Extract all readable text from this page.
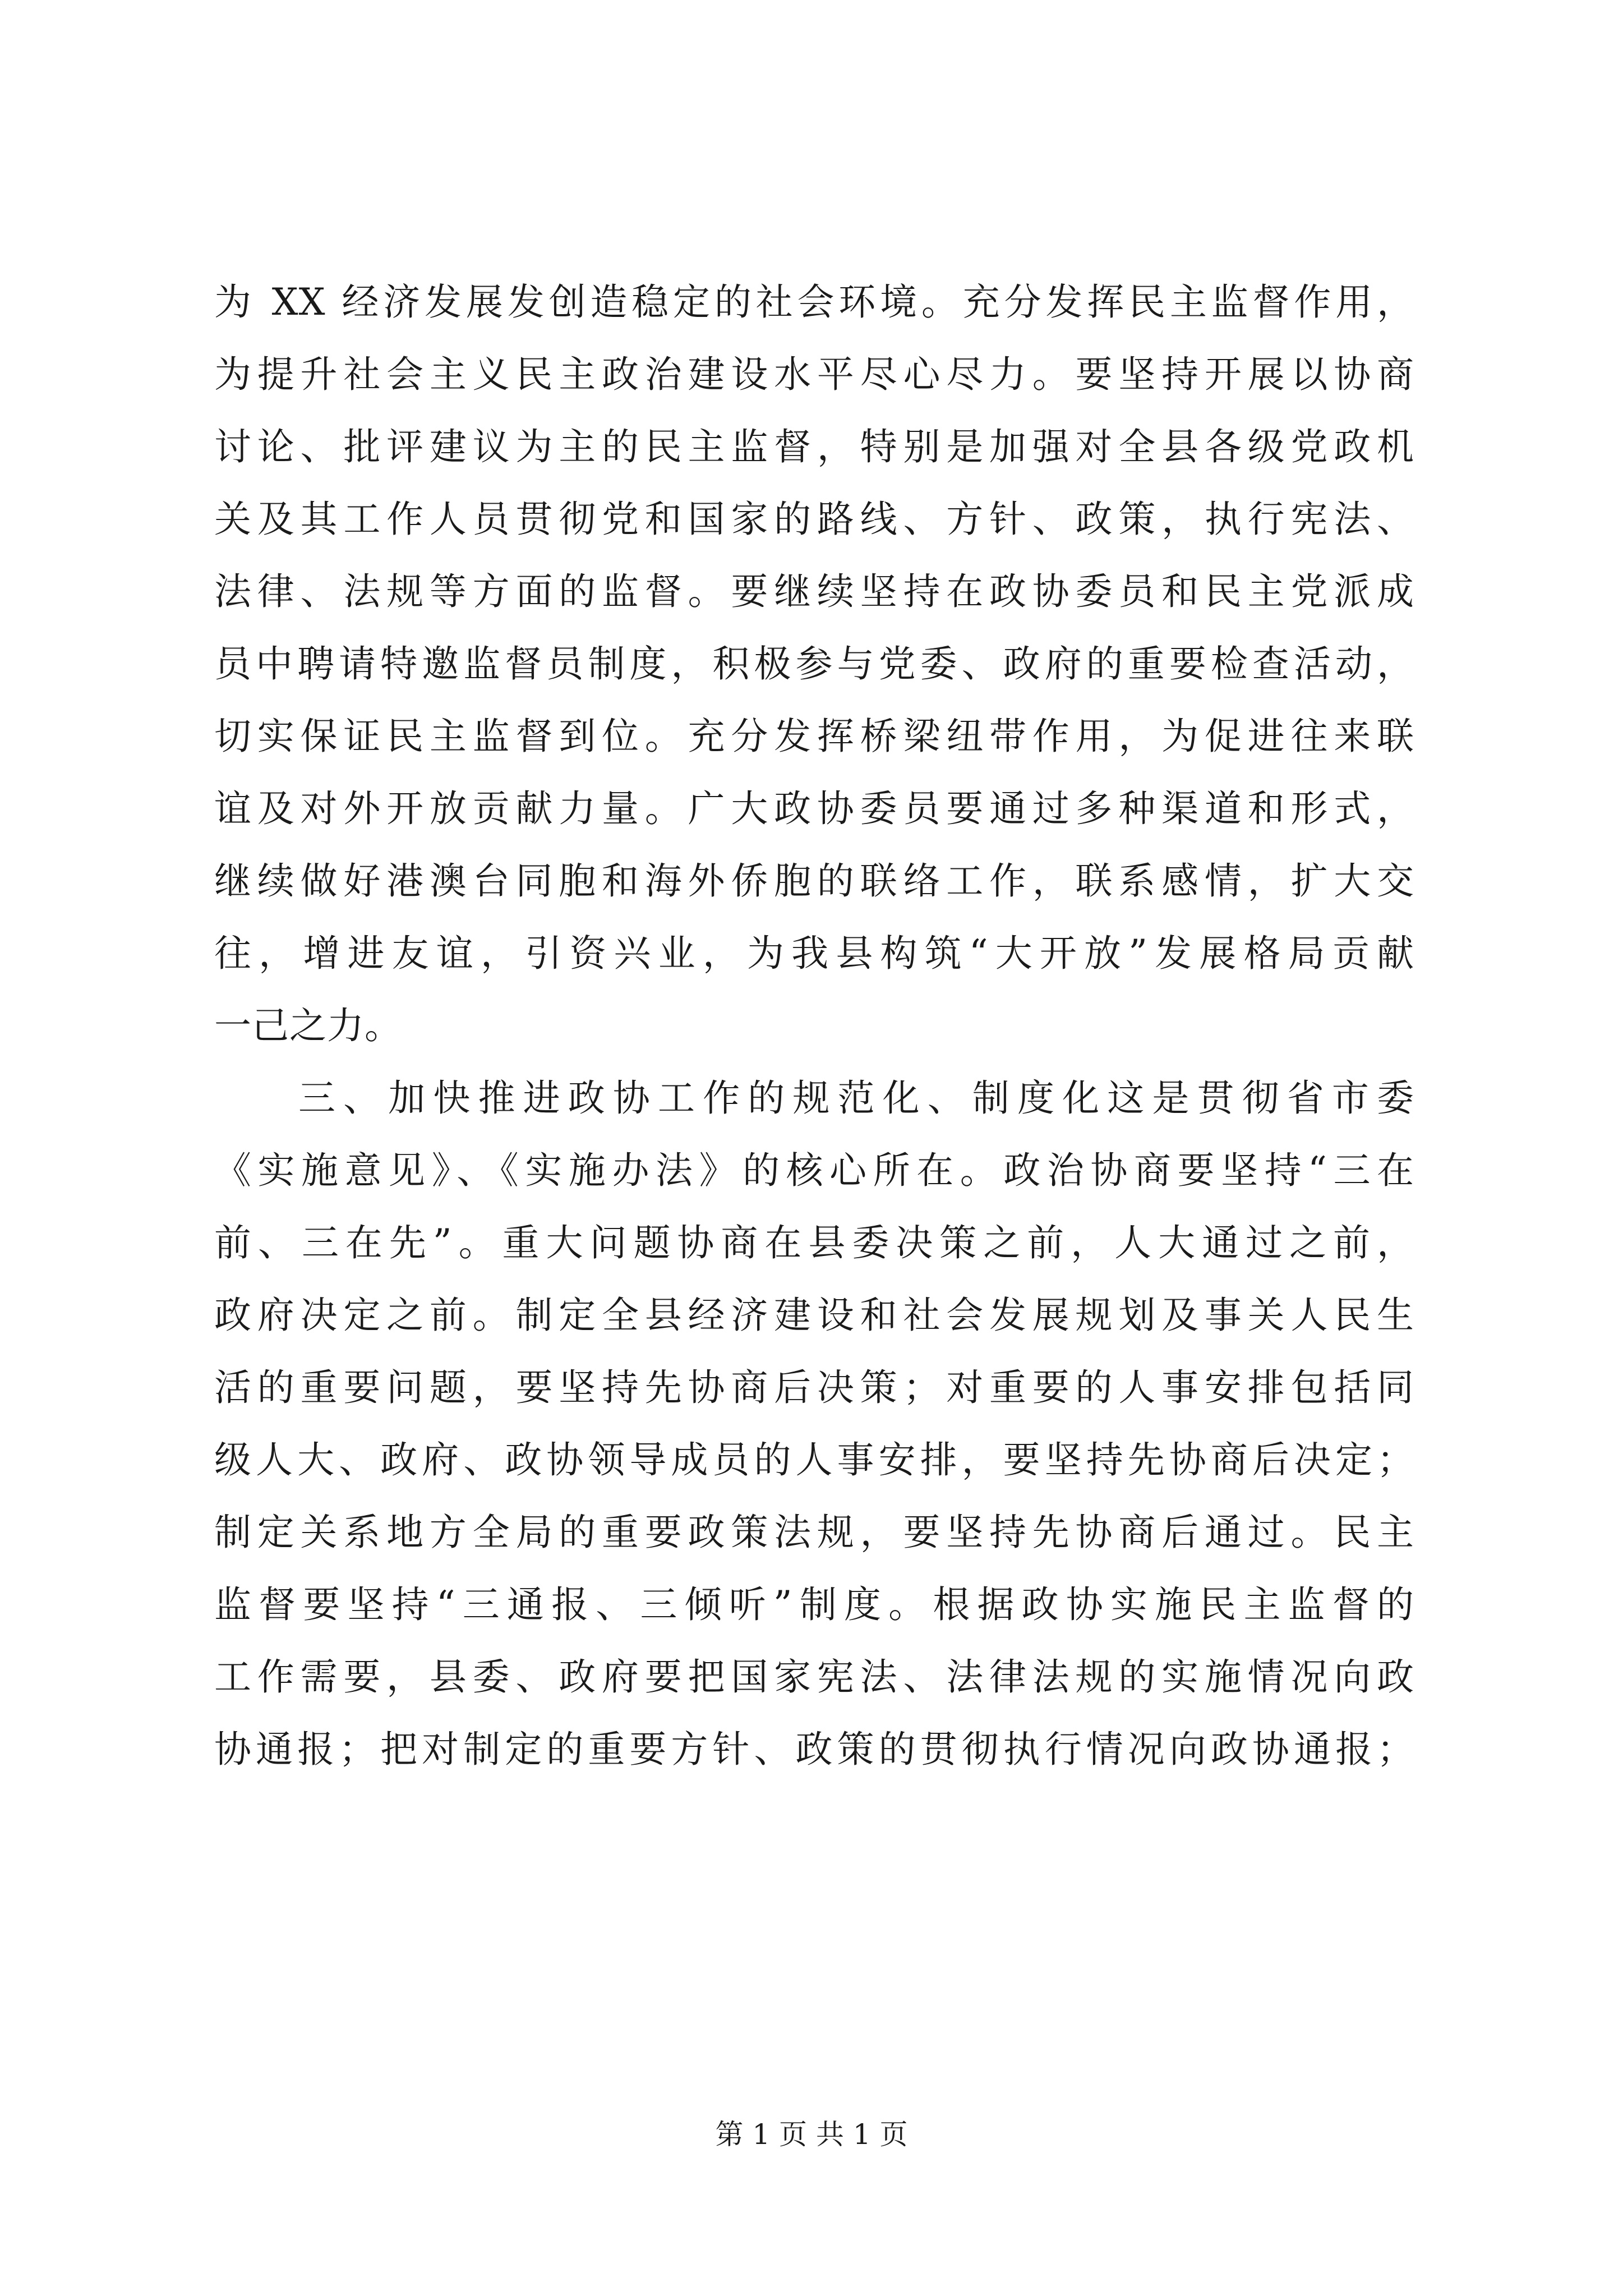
为 XX 经济发展发创造稳定的社会环境。充分发挥民主监督作用，
为提升社会主义民主政治建设水平尽心尽力。要坚持开展以协商
讨论、批评建议为主的民主监督，特别是加强对全县各级党政机
关及其工作人员贯彻党和国家的路线、方针、政策，执行宪法、
法律、法规等方面的监督。要继续坚持在政协委员和民主党派成
员中聘请特邀监督员制度，积极参与党委、政府的重要检查活动，
切实保证民主监督到位。充分发挥桥梁纽带作用，为促进往来联
谊及对外开放贡献力量。广大政协委员要通过多种渠道和形式，
继续做好港澳台同胞和海外侨胞的联络工作，联系感情，扩大交
往，增进友谊，引资兴业，为我县构筑“大开放”发展格局贡献
一己之力。
三、加快推进政协工作的规范化、制度化这是贯彻省市委
《实施意见》、《实施办法》的核心所在。政治协商要坚持“三在
前、三在先”。重大问题协商在县委决策之前，人大通过之前，
政府决定之前。制定全县经济建设和社会发展规划及事关人民生
活的重要问题，要坚持先协商后决策；对重要的人事安排包括同
级人大、政府、政协领导成员的人事安排，要坚持先协商后决定；
制定关系地方全局的重要政策法规，要坚持先协商后通过。民主
监督要坚持“三通报、三倾听”制度。根据政协实施民主监督的
工作需要，县委、政府要把国家宪法、法律法规的实施情况向政
协通报；把对制定的重要方针、政策的贯彻执行情况向政协通报；
第 1 页 共 1 页
